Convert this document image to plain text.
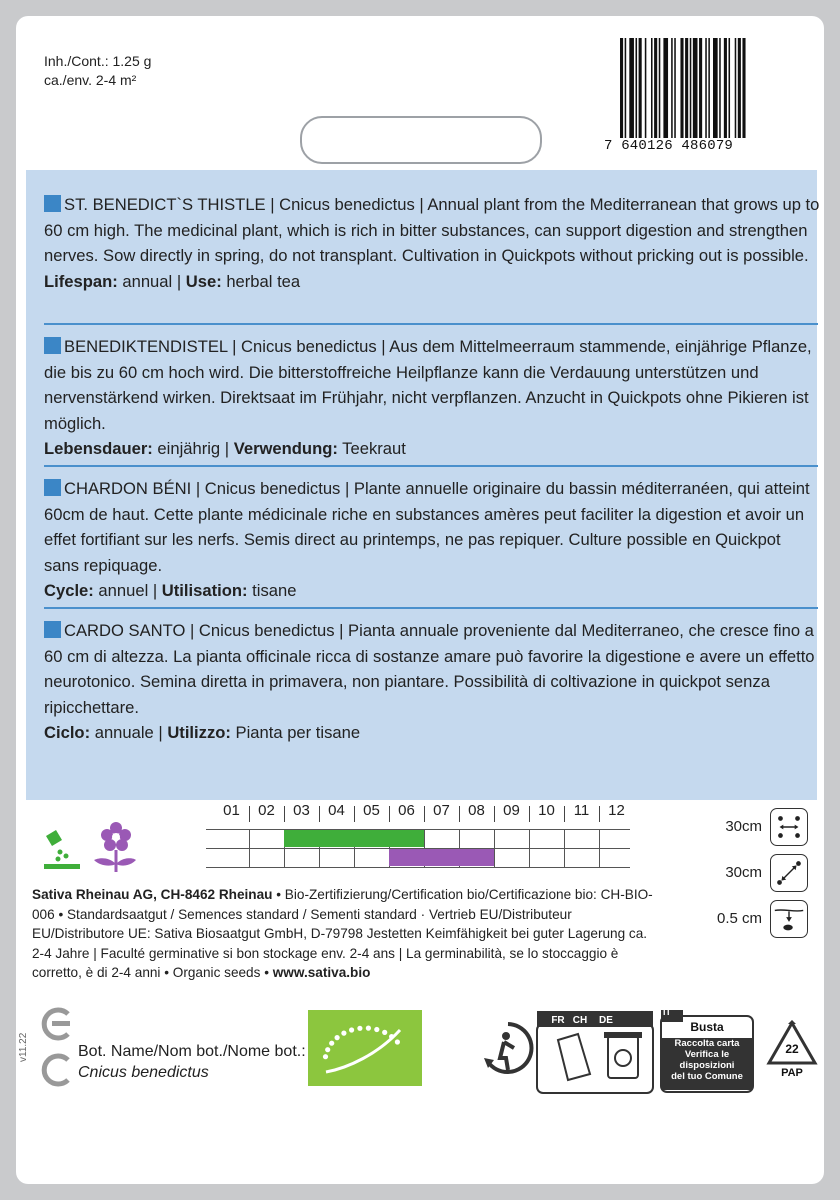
Inh./Cont.: 1.25 g
ca./env. 2-4 m²
7 640126 486079

ST. BENEDICT`S THISTLE | Cnicus benedictus | Annual plant from the Mediterranean that grows up to 60 cm high. The medicinal plant, which is rich in bitter substances, can support digestion and strengthen nerves. Sow directly in spring, do not transplant. Cultivation in Quickpots without pricking out is possible.

Lifespan: annual | Use: herbal tea

BENEDIKTENDISTEL | Cnicus benedictus | Aus dem Mittelmeerraum stammende, einjährige Pflanze, die bis zu 60 cm hoch wird. Die bitterstoffreiche Heilpflanze kann die Verdauung unterstützen und nervenstärkend wirken. Direktsaat im Frühjahr, nicht verpflanzen. Anzucht in Quickpots ohne Pikieren ist möglich.

Lebensdauer: einjährig | Verwendung: Teekraut

CHARDON BÉNI | Cnicus benedictus | Plante annuelle originaire du bassin méditerranéen, qui atteint 60cm de haut. Cette plante médicinale riche en substances amères peut faciliter la digestion et avoir un effet fortifiant sur les nerfs. Semis direct au printemps, ne pas repiquer. Culture possible en Quickpot sans repiquage.

Cycle: annuel | Utilisation: tisane

CARDO SANTO | Cnicus benedictus | Pianta annuale proveniente dal Mediterraneo, che cresce fino a 60 cm di altezza. La pianta officinale ricca di sostanze amare può favorire la digestione e avere un effetto neurotonico. Semina diretta in primavera, non piantare. Possibilità di coltivazione in quickpot senza ripicchettare.

Ciclo: annuale | Utilizzo: Pianta per tisane

01	02	03	04	05	06	07	08	09	10	11	12
30cm
30cm
0.5 cm

Sativa Rheinau AG, CH-8462 Rheinau • Bio-Zertifizierung/Certification bio/Certificazione bio: CH-BIO-006 • Standardsaatgut / Semences standard / Sementi standard · Vertrieb EU/Distributeur EU/Distributore UE: Sativa Biosaatgut GmbH, D-79798 Jestetten Keimfähigkeit bei guter Lagerung ca. 2-4 Jahre | Faculté germinative si bon stockage env. 2-4 ans | La germinabilità, se lo stoccaggio è corretto, è di 2-4 anni • Organic seeds • www.sativa.bio

v11.22	Bot. Name/Nom bot./Nome bot.:
Cnicus benedictus
FR CH DE
IT
Busta
Raccolta carta
Verifica le disposizioni
del tuo Comune
22
PAP
